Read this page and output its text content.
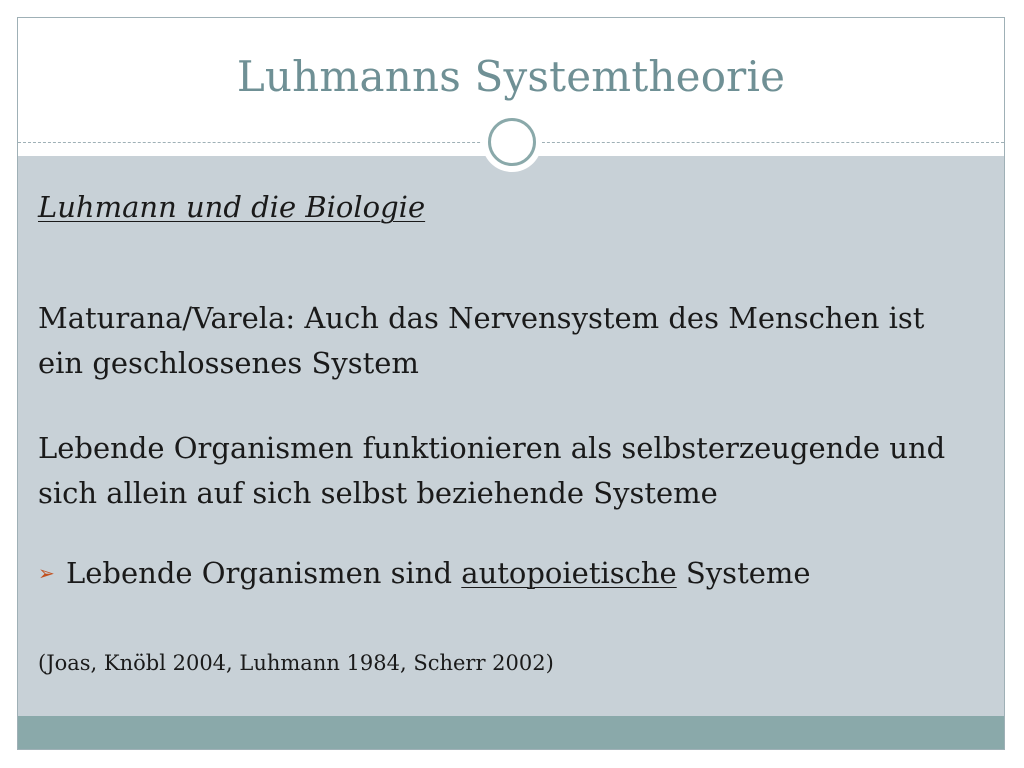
Luhmanns Systemtheorie

Luhmann und die Biologie

Maturana/Varela: Auch das Nervensystem des Menschen ist ein geschlossenes System

Lebende Organismen funktionieren als selbsterzeugende und sich allein auf sich selbst beziehende Systeme

➢ Lebende Organismen sind autopoietische Systeme

(Joas, Knöbl 2004, Luhmann 1984, Scherr 2002)
